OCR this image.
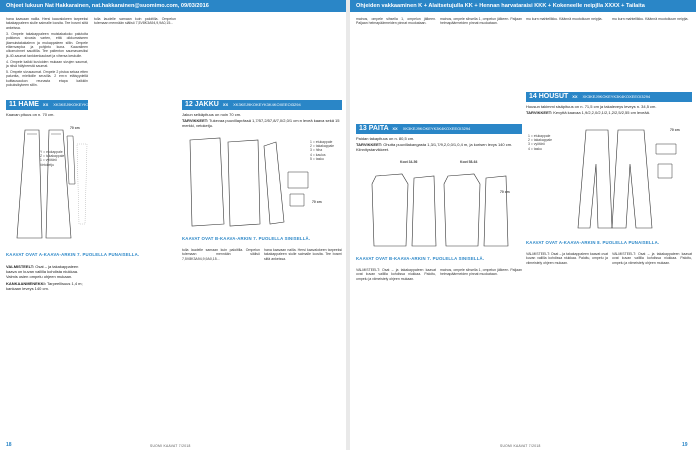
Ohjeet lukuun Nat Hakkarainen, nat.hakkarainen@suomimo.com, 09/03/2016	Ohjeiden vakkaaminen K + Alaitsetujulla KK + Hennan harvataraisi KKK + Kokeneelle neipjlla XXXX + Tailaita

hana kaavaan nailla. Hersi kaavalokeen tarpeeksi takakappaleen siulle saimalle loosita. Tee bosmi siitä ankeissa.

3. Ompele takakappaleen muistakakoko palutoita poikkeus sivusta varten, että oikkumaiseen jäamuistakakalevn ja mukappaleen sillin. Ompele eläenvarpka ja pohjinto kuna. Kaavaileen ulkomoinnet saudtilla. Tee palienton saumavarsiksi jk-40-saumat tankkenkaukset ja vihersa keskulle.

4. Ompele kaikki kuvioiden mukaan sivujen saumat, ja niisä hälyheestä saumat.

5. Ompele sivusaumat. Ompele 2 pistoa sekaa etten paluntta, mieltoille seuvilla. 2 em:n etäisyydellä kuittausaukon reunasta etapa kaikkiin pukuksikykeen sillin.

11 HAME XX XK3KEJ9KOKEYK3K4KOXEEOI3294
Kaavan pituus on n. 70 cm.
Y = etukappale
Z = takakappale
1 = vyötärö
Vetoketju
70 cm
KAAVAT OVAT A-KAAVA-ARKIN 7. PUOLELLA PUNAISELLA.

VALMISTEELT: Osat – ja takakappaleen kaava on kuvan vaililla kohdista niukkaa. Valmis osien ompelu ohjeen mukaan.

KANKAANMENEKKI: Tarpeellisuus 1,4 m; kankaan leveys 140 cm.

tulla laudelle samaan kuin paloitilla. Ompelun tulemaan mennään siälisö 7,5V8K3A94,9,9A0,15...

12 JAKKU XX XK3KEJ9KOKEYK3K4KOXEEOI3294
Jakun selkäpituus on noin 70 cm.
TARVIKKEET: Tukevaa puuvillaprässä 1,7/57,2/57,8/7,0/2,0/1 cm:n leveä kaava sekä 15 merkki, vetoketju.
1 = etukappale
2 = takakappale
3 = hiha
4 = kaulus
5 = tasku
70 cm
KAAVAT OVAT B-KAAVA-ARKIN 7. PUOLELLA SINISELLÄ.

tulla laudelle samaan kuin paloitilla. Ompelun tulemaan mennään siälisö 7,5V8K3A94,9,9A0,15...

hana kaavaan nailla. Hersi kaavalokeen tarpeeksi takakappaleen siulle saimalle loosita. Tee bosmi siitä ankeissa.

mainos, ompele sihsella 1, ompelun jälkeen. Paljaan helmapäärmeiden pinnat muokataan.

mainos, ompele sihsella 1, ompelun jälkeen. Paljaan helmapäärmeiden pinnat muokataan.

13 PAITA XX XK3KEJ9KOKEYK3K4KOXEEOI3294
Paidan takapituus on n. 80,5 cm.
TARVIKKEET: Ohutta puuvillakangasta 1,3/1,7/9,2,0,0/1,0,4 m, ja korisen levys 140 cm. Kiinnitystarvikkeet.
Koot 34-56	Koot 58-64
70 cm
KAAVAT OVAT B-KAAVA-ARKIN 7. PUOLELLA SINISELLÄ.

VALMISTEELT: Osat – ja takakappaleen kaavat ovat kuvan vaililla kohdissa niukkaa. Paloitu, ompelu ja viimeistely ohjeen mukaan.

mainos, ompele sihsella 1, ompelun jälkeen. Paljaan helmapäärmeiden pinnat muokataan.

mu kurn mahtellikku. Käännä muotoiluum neipjta.	mu kurn mahtellikku. Käännä muotoiluum neipjta.

14 HOUSUT XX XK3KEJ9KOKEYK3K4KOXEEOI3294
Housun takimmi sisäpituus on n. 71,5 cm ja takaleveys leveys n. 34,5 cm.
TARVIKKEET: Kevyttä kaavaa 1,9/2,2,0/2,1/2,1,2/2,5/2,55 cm leveää.
1 = etukappale
2 = takakappale
3 = vyötärö
4 = tasku
70 cm
KAAVAT OVAT A-KAAVA-ARKIN 8. PUOLELLA PUNAISELLA.

VALMISTEELT: Osat – ja takakappaleen kaavat ovat kuvan vaililla kohdissa niukkaa. Paloitu, ompelu ja viimeistely ohjeen mukaan.

VALMISTEELT: Osat – ja takakappaleen kaavat ovat kuvan vaililla kohdissa niukkaa. Paloitu, ompelu ja viimeistely ohjeen mukaan.

18	SUOMI KAAVAT 7/2018	SUOMI KAAVAT 7/2018	19
